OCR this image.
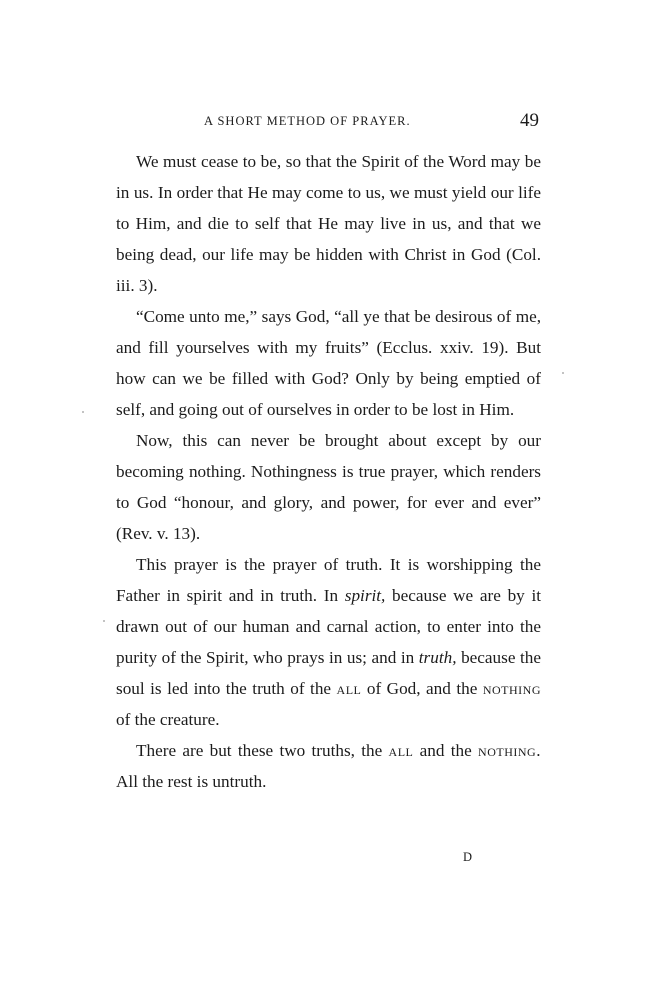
A SHORT METHOD OF PRAYER.	49

We must cease to be, so that the Spirit of the Word may be in us. In order that He may come to us, we must yield our life to Him, and die to self that He may live in us, and that we being dead, our life may be hidden with Christ in God (Col. iii. 3).

“Come unto me,” says God, “all ye that be desirous of me, and fill yourselves with my fruits” (Ecclus. xxiv. 19). But how can we be filled with God? Only by being emptied of self, and going out of ourselves in order to be lost in Him.

Now, this can never be brought about except by our becoming nothing. Nothingness is true prayer, which renders to God “honour, and glory, and power, for ever and ever” (Rev. v. 13).

This prayer is the prayer of truth. It is worshipping the Father in spirit and in truth. In spirit, because we are by it drawn out of our human and carnal action, to enter into the purity of the Spirit, who prays in us; and in truth, because the soul is led into the truth of the all of God, and the nothing of the creature.

There are but these two truths, the all and the nothing. All the rest is untruth.

D
